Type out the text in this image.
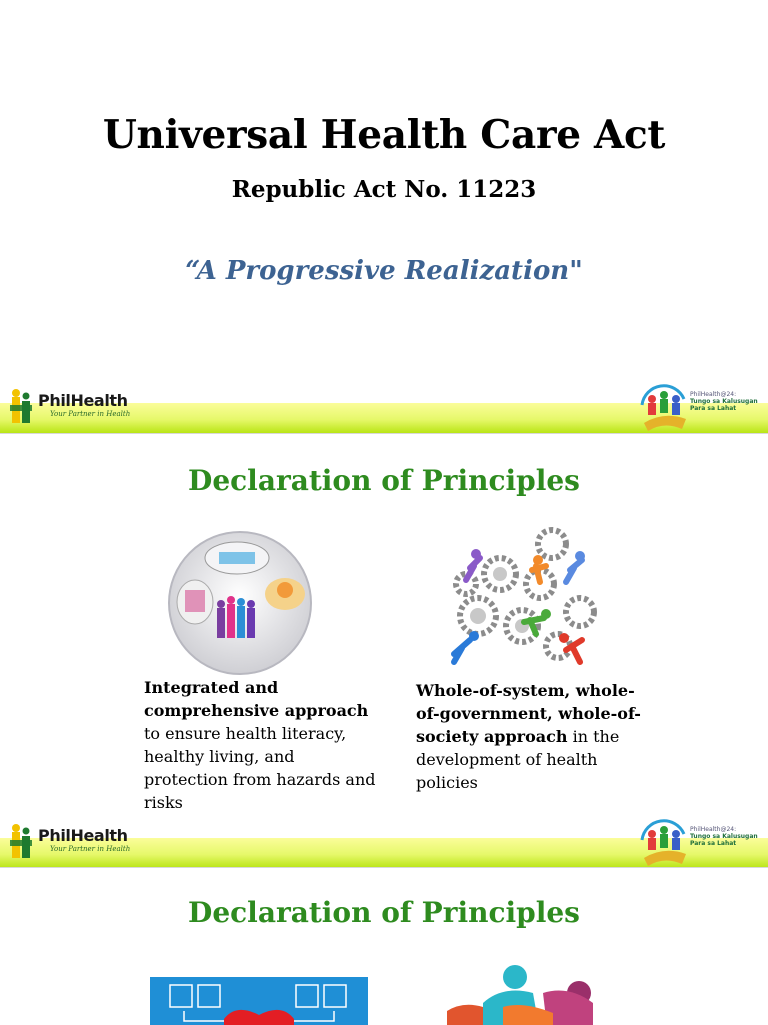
Universal Health Care Act
Republic Act No. 11223
“A Progressive Realization"
PhilHealth
Your Partner in Health
PhilHealth@24:
Tungo sa Kalusugan
Para sa Lahat
Declaration of Principles
Integrated and comprehensive approach to ensure health literacy, healthy living, and protection from hazards and risks
Whole-of-system, whole-of-government, whole-of-society approach in the development of health policies
PhilHealth
Your Partner in Health
PhilHealth@24:
Tungo sa Kalusugan
Para sa Lahat
Declaration of Principles
